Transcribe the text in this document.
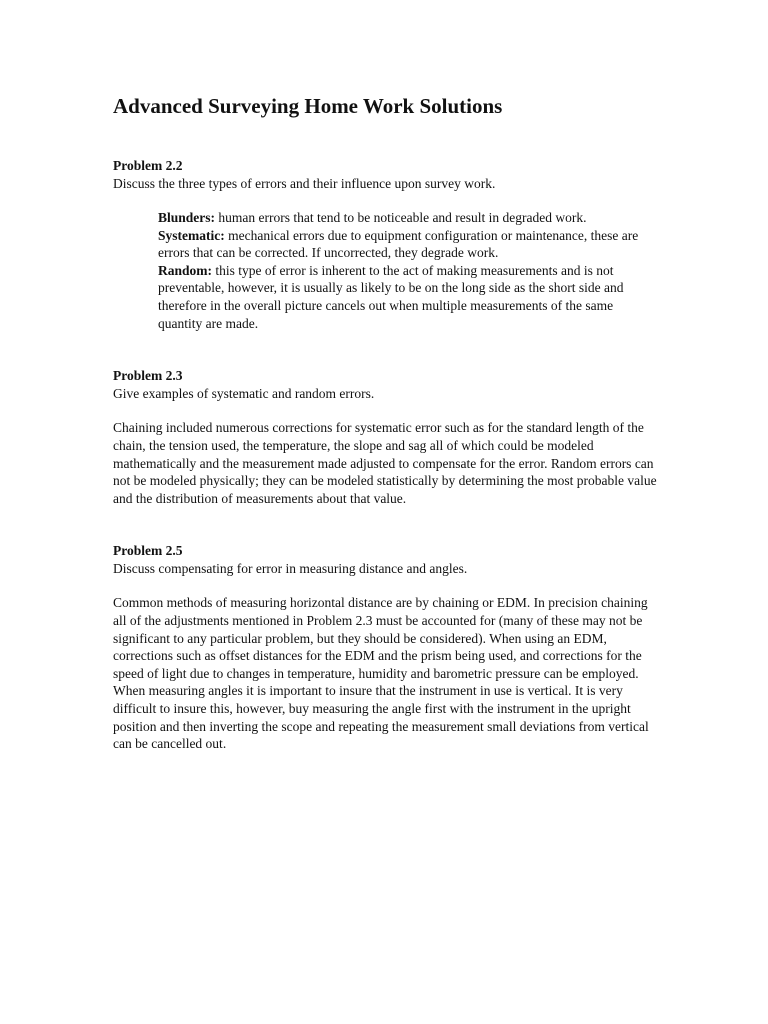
Advanced Surveying Home Work Solutions
Problem 2.2

Discuss the three types of errors and their influence upon survey work.

Blunders: human errors that tend to be noticeable and result in degraded work.

Systematic: mechanical errors due to equipment configuration or maintenance, these are errors that can be corrected. If uncorrected, they degrade work.

Random: this type of error is inherent to the act of making measurements and is not preventable, however, it is usually as likely to be on the long side as the short side and therefore in the overall picture cancels out when multiple measurements of the same quantity are made.

Problem 2.3

Give examples of systematic and random errors.

Chaining included numerous corrections for systematic error such as for the standard length of the chain, the tension used, the temperature, the slope and sag all of which could be modeled mathematically and the measurement made adjusted to compensate for the error. Random errors can not be modeled physically; they can be modeled statistically by determining the most probable value and the distribution of measurements about that value.

Problem 2.5

Discuss compensating for error in measuring distance and angles.

Common methods of measuring horizontal distance are by chaining or EDM. In precision chaining all of the adjustments mentioned in Problem 2.3 must be accounted for (many of these may not be significant to any particular problem, but they should be considered). When using an EDM, corrections such as offset distances for the EDM and the prism being used, and corrections for the speed of light due to changes in temperature, humidity and barometric pressure can be employed. When measuring angles it is important to insure that the instrument in use is vertical. It is very difficult to insure this, however, buy measuring the angle first with the instrument in the upright position and then inverting the scope and repeating the measurement small deviations from vertical can be cancelled out.
